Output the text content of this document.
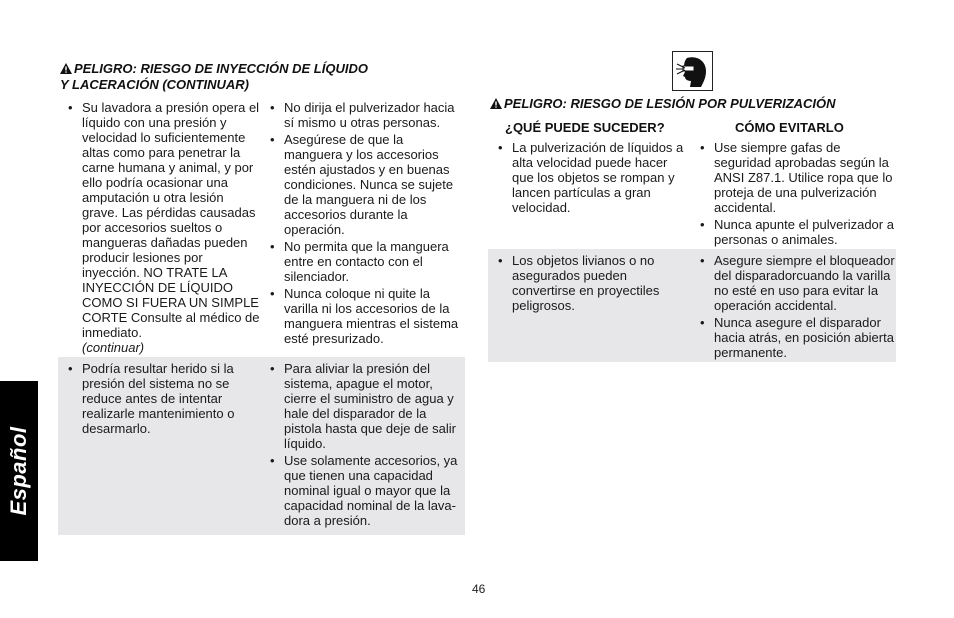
Español
PELIGRO: RIESGO DE INYECCIÓN DE LÍQUIDO
Y LACERACIÓN (CONTINUAR)
• Su lavadora a presión opera el líquido con una presión y velocidad lo suficientemente altas como para penetrar la carne humana y animal, y por ello podría ocasionar una amputación u otra lesión grave. Las pérdidas causadas por accesorios sueltos o mangueras dañadas pueden producir lesiones por inyección. NO TRATE LA INYECCIÓN DE LÍQUIDO COMO SI FUERA UN SIMPLE CORTE Consulte al médico de inmediato.
(continuar)
• No dirija el pulverizador hacia sí mismo u otras personas.
• Asegúrese de que la manguera y los accesorios estén ajustados y en buenas condiciones. Nunca se sujete de la manguera ni de los accesorios durante la operación.
• No permita que la manguera entre en contacto con el silenciador.
• Nunca coloque ni quite la varilla ni los accesorios de la manguera mientras el sistema esté presurizado.
• Podría resultar herido si la presión del sistema no se reduce antes de intentar realizarle mantenimiento o desarmarlo.
• Para aliviar la presión del sistema, apague el motor, cierre el suministro de agua y hale del disparador de la pistola hasta que deje de salir líquido.
• Use solamente accesorios, ya que tienen una capacidad nominal igual o mayor que la capacidad nominal de la lava-dora a presión.
PELIGRO: RIESGO DE LESIÓN POR PULVERIZACIÓN
¿QUÉ PUEDE SUCEDER?	CÓMO EVITARLO
• La pulverización de líquidos a alta velocidad puede hacer que los objetos se rompan y lancen partículas a gran velocidad.
• Use siempre gafas de seguridad aprobadas según la ANSI Z87.1. Utilice ropa que lo proteja de una pulverización accidental.
• Nunca apunte el pulverizador a personas o animales.
• Los objetos livianos o no asegurados pueden convertirse en proyectiles peligrosos.
• Asegure siempre el bloqueador del disparadorcuando la varilla no esté en uso para evitar la operación accidental.
• Nunca asegure el disparador hacia atrás, en posición abierta permanente.
46
